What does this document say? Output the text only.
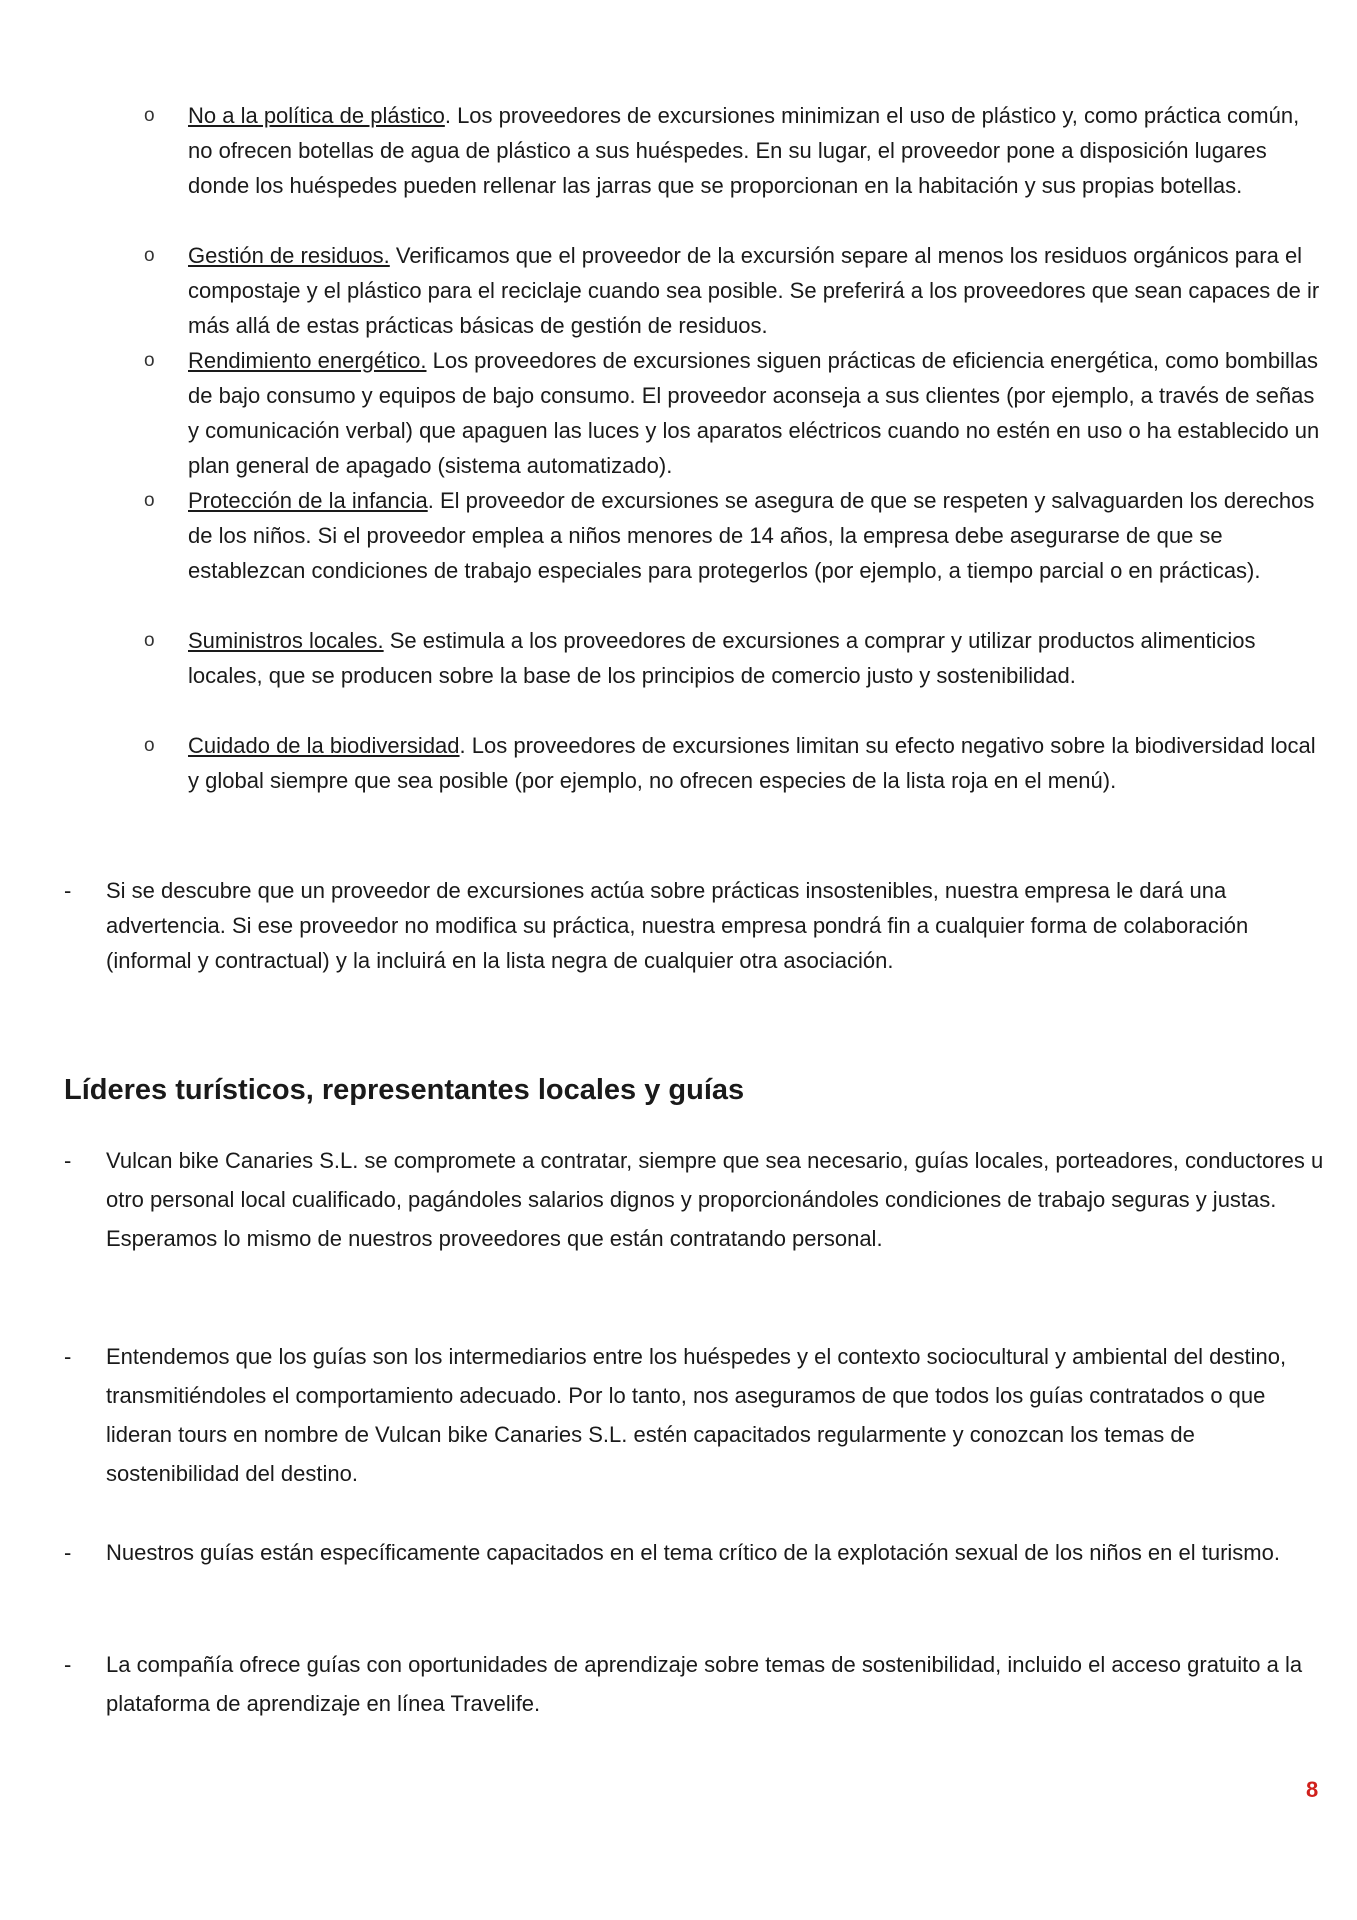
o No a la política de plástico. Los proveedores de excursiones minimizan el uso de plástico y, como práctica común, no ofrecen botellas de agua de plástico a sus huéspedes. En su lugar, el proveedor pone a disposición lugares donde los huéspedes pueden rellenar las jarras que se proporcionan en la habitación y sus propias botellas.
o Gestión de residuos. Verificamos que el proveedor de la excursión separe al menos los residuos orgánicos para el compostaje y el plástico para el reciclaje cuando sea posible. Se preferirá a los proveedores que sean capaces de ir más allá de estas prácticas básicas de gestión de residuos.
o Rendimiento energético. Los proveedores de excursiones siguen prácticas de eficiencia energética, como bombillas de bajo consumo y equipos de bajo consumo. El proveedor aconseja a sus clientes (por ejemplo, a través de señas y comunicación verbal) que apaguen las luces y los aparatos eléctricos cuando no estén en uso o ha establecido un plan general de apagado (sistema automatizado).
o Protección de la infancia. El proveedor de excursiones se asegura de que se respeten y salvaguarden los derechos de los niños. Si el proveedor emplea a niños menores de 14 años, la empresa debe asegurarse de que se establezcan condiciones de trabajo especiales para protegerlos (por ejemplo, a tiempo parcial o en prácticas).
o Suministros locales. Se estimula a los proveedores de excursiones a comprar y utilizar productos alimenticios locales, que se producen sobre la base de los principios de comercio justo y sostenibilidad.
o Cuidado de la biodiversidad. Los proveedores de excursiones limitan su efecto negativo sobre la biodiversidad local y global siempre que sea posible (por ejemplo, no ofrecen especies de la lista roja en el menú).
- Si se descubre que un proveedor de excursiones actúa sobre prácticas insostenibles, nuestra empresa le dará una advertencia. Si ese proveedor no modifica su práctica, nuestra empresa pondrá fin a cualquier forma de colaboración (informal y contractual) y la incluirá en la lista negra de cualquier otra asociación.
Líderes turísticos, representantes locales y guías
- Vulcan bike Canaries S.L. se compromete a contratar, siempre que sea necesario, guías locales, porteadores, conductores u otro personal local cualificado, pagándoles salarios dignos y proporcionándoles condiciones de trabajo seguras y justas. Esperamos lo mismo de nuestros proveedores que están contratando personal.
- Entendemos que los guías son los intermediarios entre los huéspedes y el contexto sociocultural y ambiental del destino, transmitiéndoles el comportamiento adecuado. Por lo tanto, nos aseguramos de que todos los guías contratados o que lideran tours en nombre de Vulcan bike Canaries S.L. estén capacitados regularmente y conozcan los temas de sostenibilidad del destino.
- Nuestros guías están específicamente capacitados en el tema crítico de la explotación sexual de los niños en el turismo.
- La compañía ofrece guías con oportunidades de aprendizaje sobre temas de sostenibilidad, incluido el acceso gratuito a la plataforma de aprendizaje en línea Travelife.
8
